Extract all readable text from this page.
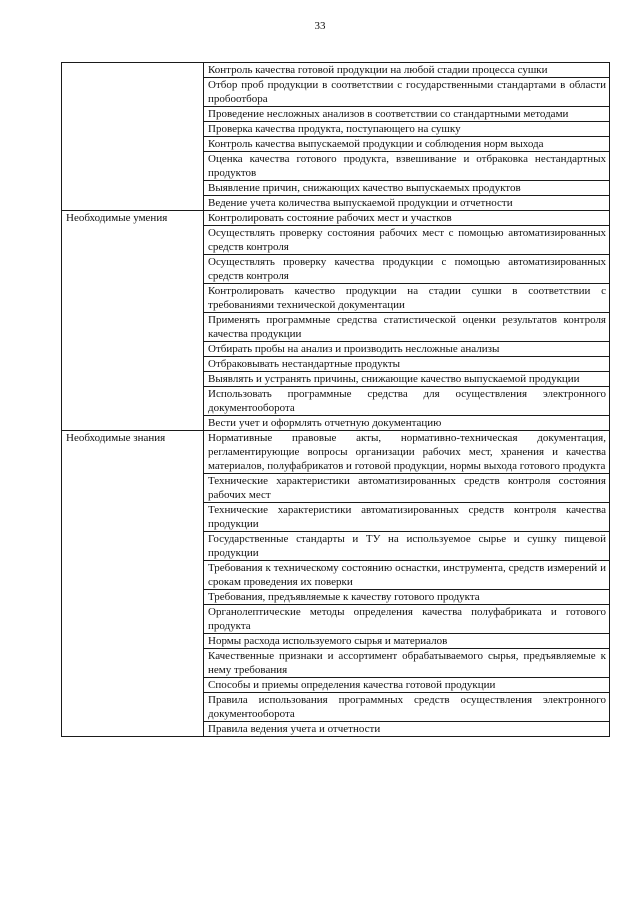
33

	Контроль качества готовой продукции на любой стадии процесса сушки

	Отбор проб продукции в соответствии с государственными стандартами в области пробоотбора

	Проведение несложных анализов в соответствии со стандартными методами

	Проверка качества продукта, поступающего на сушку

	Контроль качества выпускаемой продукции и соблюдения норм выхода

	Оценка качества готового продукта, взвешивание и отбраковка нестандартных продуктов

	Выявление причин, снижающих качество выпускаемых продуктов

	Ведение учета количества выпускаемой продукции и отчетности

Необходимые умения	Контролировать состояние рабочих мест и участков

	Осуществлять проверку состояния рабочих мест с помощью автоматизированных средств контроля

	Осуществлять проверку качества продукции с помощью автоматизированных средств контроля

	Контролировать качество продукции на стадии сушки в соответствии с требованиями технической документации

	Применять программные средства статистической оценки результатов контроля качества продукции

	Отбирать пробы на анализ и производить несложные анализы

	Отбраковывать нестандартные продукты

	Выявлять и устранять причины, снижающие качество выпускаемой продукции

	Использовать программные средства для осуществления электронного документооборота

	Вести учет и оформлять отчетную документацию

Необходимые знания	Нормативные правовые акты, нормативно-техническая документация, регламентирующие вопросы организации рабочих мест, хранения и качества материалов, полуфабрикатов и готовой продукции, нормы выхода готового продукта

	Технические характеристики автоматизированных средств контроля состояния рабочих мест

	Технические характеристики автоматизированных средств контроля качества продукции

	Государственные стандарты и ТУ на используемое сырье и сушку пищевой продукции

	Требования к техническому состоянию оснастки, инструмента, средств измерений и срокам проведения их поверки

	Требования, предъявляемые к качеству готового продукта

	Органолептические методы определения качества полуфабриката и готового продукта

	Нормы расхода используемого сырья и материалов

	Качественные признаки и ассортимент обрабатываемого сырья, предъявляемые к нему требования

	Способы и приемы определения качества готовой продукции

	Правила использования программных средств осуществления электронного документооборота

	Правила ведения учета и отчетности
